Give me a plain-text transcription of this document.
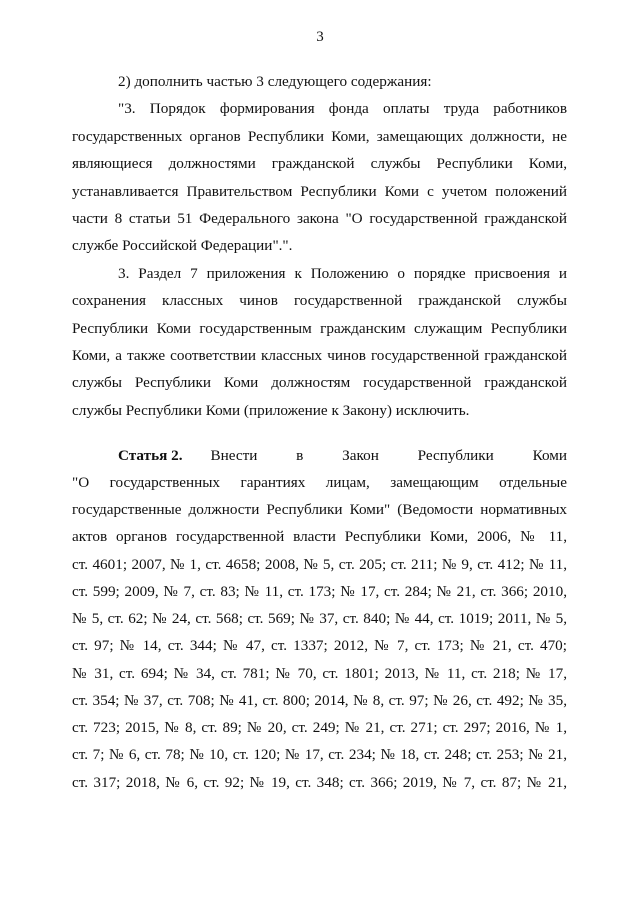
3
2) дополнить частью 3 следующего содержания:
"3. Порядок формирования фонда оплаты труда работников
государственных органов Республики Коми, замещающих должности, не
являющиеся должностями гражданской службы Республики Коми,
устанавливается Правительством Республики Коми с учетом положений
части 8 статьи 51 Федерального закона "О государственной гражданской
службе Российской Федерации".".
3. Раздел 7 приложения к Положению о порядке присвоения и
сохранения классных чинов государственной гражданской службы
Республики Коми государственным гражданским служащим Республики
Коми, а также соответствии классных чинов государственной гражданской
службы Республики Коми должностям государственной гражданской
службы Республики Коми (приложение к Закону) исключить.
Статья 2. Внести в Закон Республики Коми
"О государственных гарантиях лицам, замещающим отдельные
государственные должности Республики Коми" (Ведомости нормативных
актов органов государственной власти Республики Коми, 2006, № 11,
ст. 4601; 2007, № 1, ст. 4658; 2008, № 5, ст. 205; ст. 211; № 9, ст. 412; № 11,
ст. 599; 2009, № 7, ст. 83; № 11, ст. 173; № 17, ст. 284; № 21, ст. 366; 2010,
№ 5, ст. 62; № 24, ст. 568; ст. 569; № 37, ст. 840; № 44, ст. 1019; 2011, № 5,
ст. 97; № 14, ст. 344; № 47, ст. 1337; 2012, № 7, ст. 173; № 21, ст. 470;
№ 31, ст. 694; № 34, ст. 781; № 70, ст. 1801; 2013, № 11, ст. 218; № 17,
ст. 354; № 37, ст. 708; № 41, ст. 800; 2014, № 8, ст. 97; № 26, ст. 492; № 35,
ст. 723; 2015, № 8, ст. 89; № 20, ст. 249; № 21, ст. 271; ст. 297; 2016, № 1,
ст. 7; № 6, ст. 78; № 10, ст. 120; № 17, ст. 234; № 18, ст. 248; ст. 253; № 21,
ст. 317; 2018, № 6, ст. 92; № 19, ст. 348; ст. 366; 2019, № 7, ст. 87; № 21,
